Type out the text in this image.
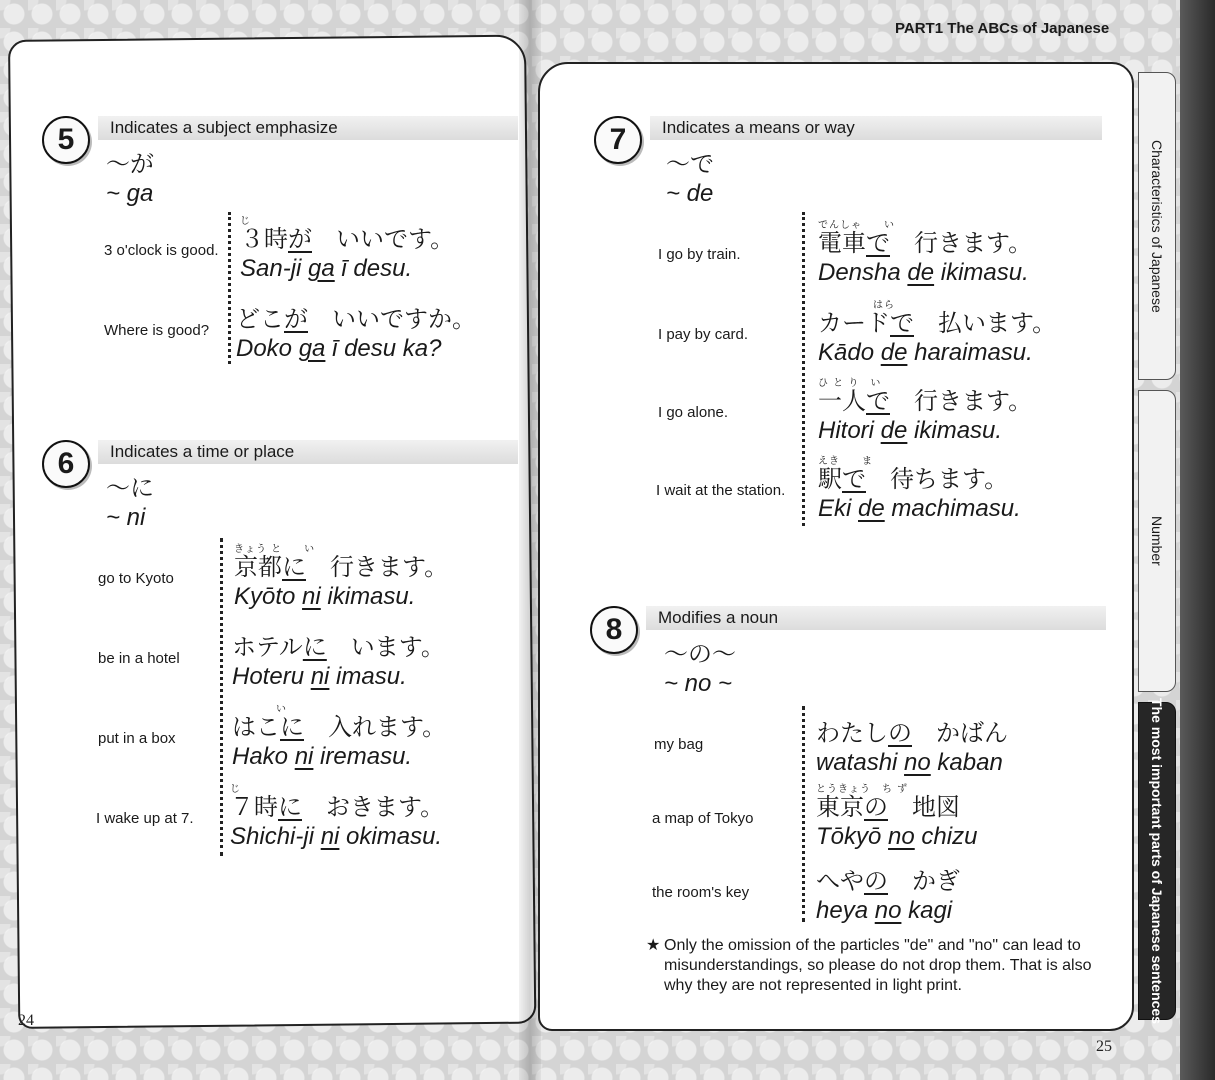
PART1 The ABCs of Japanese
24
25
Characteristics of Japanese
Number
The most important parts of Japanese sentences
5	Indicates a subject emphasize
～が
~ ga
3 o'clock is good.
じ
３時が　いいです。
San-ji ga ī desu.
Where is good? どこが　いいですか。
Doko ga ī desu ka?
6	Indicates a time or place
～に
~ ni
go to Kyoto
きょう と　　い
京都に　行きます。
Kyōto ni ikimasu.
be in a hotel ホテルに　います。
Hoteru ni imasu.
put in a box
　　　　い
はこに　入れます。
Hako ni iremasu.
I wake up at 7.
じ
７時に　おきます。
Shichi-ji ni okimasu.
7	Indicates a means or way
～で
~ de
I go by train.
でんしゃ　　い
電車で　行きます。
Densha de ikimasu.
I pay by card.
　　　　　はら
カードで　払います。
Kādo de haraimasu.
I go alone.
ひ と り　い
一人で　行きます。
Hitori de ikimasu.
I wait at the station.
えき　　ま
駅で　待ちます。
Eki de machimasu.
8	Modifies a noun
～の～
~ no ~
my bag	わたしの　かばん
watashi no kaban
a map of Tokyo
とうきょう　ち ず
東京の　地図
Tōkyō no chizu
the room's key	へやの　かぎ
heya no kagi
★ Only the omission of the particles "de" and "no" can lead to misunderstandings, so please do not drop them. That is also why they are not represented in light print.
